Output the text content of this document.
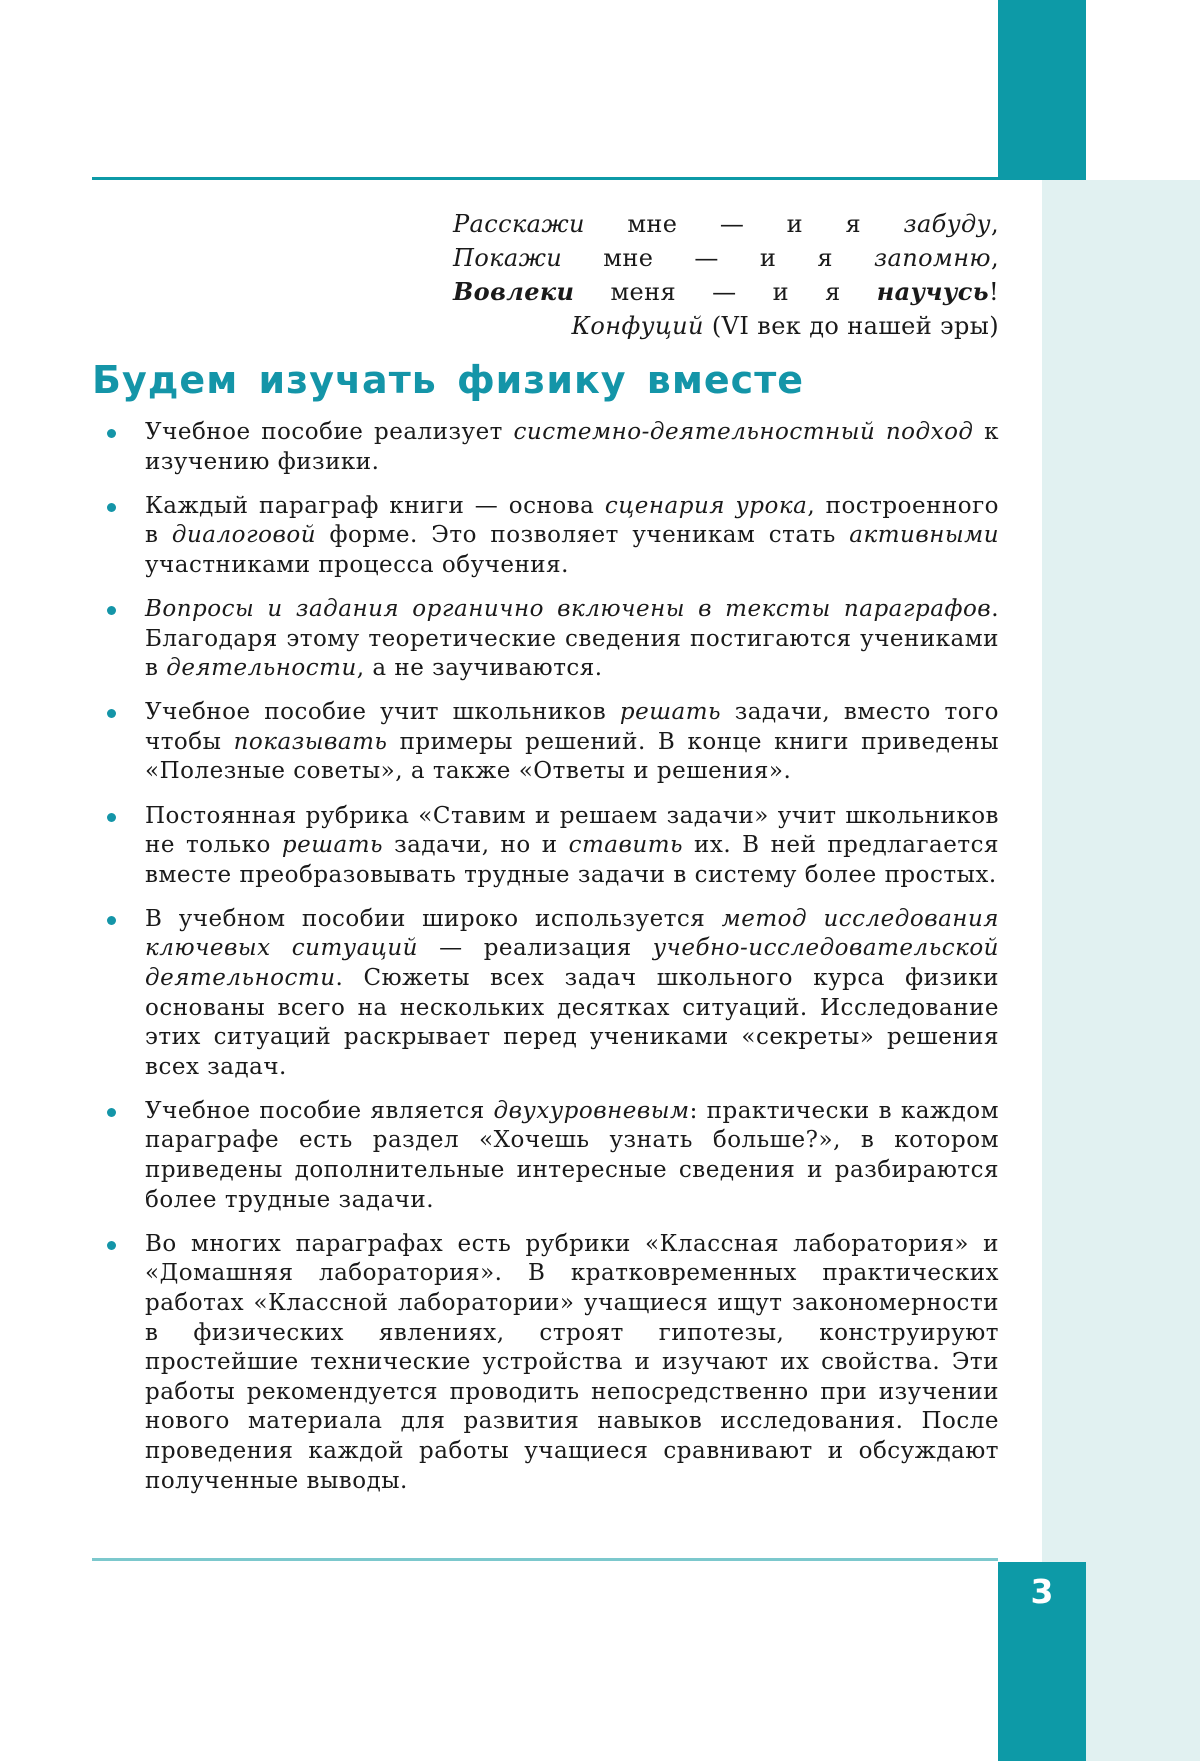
3
Расскажи мне — и я забуду,
Покажи мне — и я запомню,
Вовлеки меня — и я научусь!
Конфуций (VI век до нашей эры)
Будем изучать физику вместе
Учебное пособие реализует системно-деятельностный подход к изучению физики.
Каждый параграф книги — основа сценария урока, построенного в диалоговой форме. Это позволяет ученикам стать активными участниками процесса обучения.
Вопросы и задания органично включены в тексты параграфов. Благодаря этому теоретические сведения постигаются учениками в деятельности, а не заучиваются.
Учебное пособие учит школьников решать задачи, вместо того чтобы показывать примеры решений. В конце книги приведены «Полезные советы», а также «Ответы и решения».
Постоянная рубрика «Ставим и решаем задачи» учит школьников не только решать задачи, но и ставить их. В ней предлагается вместе преобразовывать трудные задачи в систему более простых.
В учебном пособии широко используется метод исследования ключевых ситуаций — реализация учебно-исследовательской деятельности. Сюжеты всех задач школьного курса физики основаны всего на нескольких десятках ситуаций. Исследование этих ситуаций раскрывает перед учениками «секреты» решения всех задач.
Учебное пособие является двухуровневым: практически в каждом параграфе есть раздел «Хочешь узнать больше?», в котором приведены дополнительные интересные сведения и разбираются более трудные задачи.
Во многих параграфах есть рубрики «Классная лаборатория» и «Домашняя лаборатория». В кратковременных практических работах «Классной лаборатории» учащиеся ищут закономерности в физических явлениях, строят гипотезы, конструируют простейшие технические устройства и изучают их свойства. Эти работы рекомендуется проводить непосредственно при изучении нового материала для развития навыков исследования. После проведения каждой работы учащиеся сравнивают и обсуждают полученные выводы.
